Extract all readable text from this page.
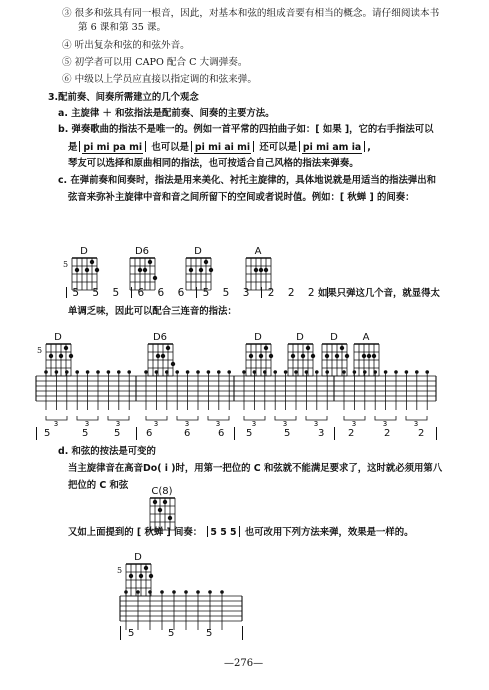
③ 很多和弦具有同一根音，因此，对基本和弦的组成音要有相当的概念。请仔细阅读本书
第 6 课和第 35 课。
④ 听出复杂和弦的和弦外音。
⑤ 初学者可以用 CAPO 配合 C 大调弹奏。
⑥ 中级以上学员应直接以指定调的和弦来弹。
3.配前奏、间奏所需建立的几个观念
a. 主旋律 ＋ 和弦指法是配前奏、间奏的主要方法。
b. 弹奏歌曲的指法不是唯一的。例如一首平常的四拍曲子如：[ 如果 ]，它的右手指法可以
是 pi mi pa mi 也可以是 pi mi ai mi 还可以是 pi mi am ia ,
琴友可以选择和原曲相同的指法，也可按适合自己风格的指法来弹奏。
c. 在弹前奏和间奏时，指法是用来美化、衬托主旋律的，具体地说就是用适当的指法弹出和
弦音来弥补主旋律中音和音之间所留下的空间或者说时值。例如：[ 秋蝉 ] 的间奏：
D
5
D6	D	A
5 5 5 6 6 6 5 5 3 2 2 2 如果只弹这几个音，就显得太
单调乏味，因此可以配合三连音的指法：
D
5
D6	D	D	D	A
3	3	3	3	3	3	3	3	3	3	3	3
5	5	5	6	6	6 5	5	3 2	2	2
d. 和弦的按法是可变的
当主旋律音在高音Do( i )时，用第一把位的 C 和弦就不能满足要求了，这时就必须用第八
把位的 C 和弦
C(8)
又如上面提到的 [ 秋蝉 ] 间奏： 5 5 5 也可改用下列方法来弹，效果是一样的。
D
5
5	5	5
—276—
